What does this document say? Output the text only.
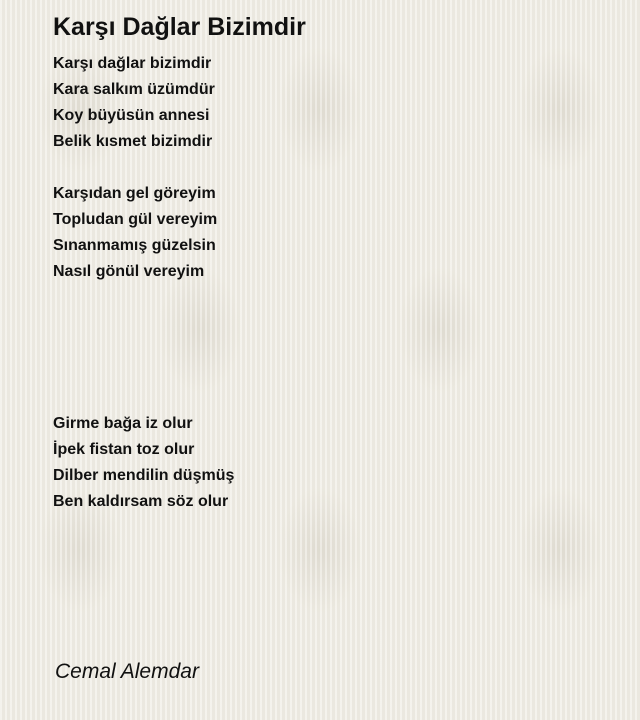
Karşı Dağlar Bizimdir
Karşı dağlar bizimdir
Kara salkım üzümdür
Koy büyüsün annesi
Belik kısmet bizimdir
Karşıdan gel göreyim
Topludan gül vereyim
Sınanmamış güzelsin
Nasıl gönül vereyim
Girme bağa iz olur
İpek fistan toz olur
Dilber mendilin düşmüş
Ben kaldırsam söz olur

Cemal Alemdar
